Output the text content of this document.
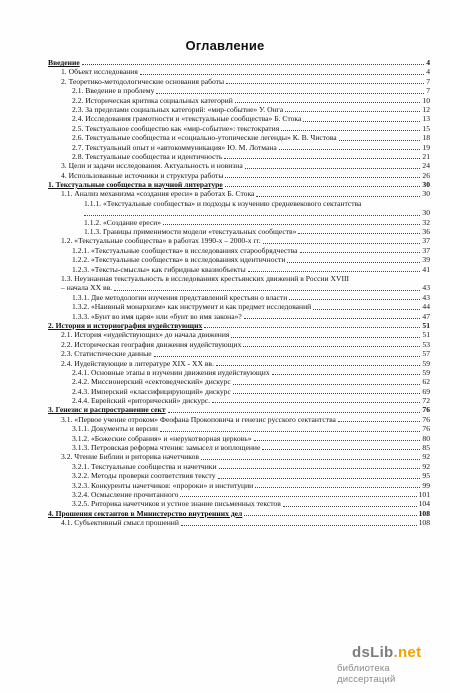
Оглавление
Введение	4
1. Объект исследования	4
2. Теоретико-методологические основания работы	7
2.1. Введение в проблему	7
2.2. Историческая критика социальных категорий	10
2.3. За пределами социальных категорий: «мир-событие» У. Онга	12
2.4. Исследования грамотности и «текстуальные сообщества» Б. Стока	13
2.5. Текстуальное сообщество как «мир-событие»: текстократия	15
2.6. Текстуальные сообщества и «социально-утопические легенды» К. В. Чистова	18
2.7. Текстуальный опыт и «автокоммуникация» Ю. М. Лотмана	19
2.8. Текстуальные сообщества и идентичность	21
3. Цели и задачи исследования. Актуальность и новизна	24
4. Использованные источники и структура работы	26
1. Текстуальные сообщества в научной литературе	30
1.1. Анализ механизма «создания ереси» в работах Б. Стока	30
1.1.1. «Текстуальные сообщества» и подходы к изучению средневекового сектантства
30
1.1.2. «Создание ереси»	32
1.1.3. Границы применимости модели «текстуальных сообществ»	36
1.2. «Текстуальные сообщества» в работах 1990-х – 2000-х гг.	37
1.2.1. «Текстуальные сообщества» в исследованиях старообрядчества	37
1.2.2. «Текстуальные сообщества» в исследованиях идентичности	39
1.2.3. «Тексты-смыслы» как гибридные квазиобъекты	41
1.3. Неузнанная текстуальность в исследованиях крестьянских движений в России XVIII
– начала XX вв.	43
1.3.1. Две методологии изучения представлений крестьян о власти	43
1.3.2. «Наивный монархизм» как инструмент и как предмет исследований	44
1.3.3. «Бунт во имя царя» или «бунт во имя закона»?	47
2. История и историография иудействующих	51
2.1. История «иудействующих» до начала движения	51
2.2. Историческая география движения иудействующих	53
2.3. Статистические данные	57
2.4. Иудействующие в литературе XIX - XX вв.	59
2.4.1. Основные этапы в изучении движения иудействующих	59
2.4.2. Миссионерский «сектоведческий» дискурс	62
2.4.3. Имперский «классифицирующий» дискурс	69
2.4.4. Еврейский «риторический» дискурс.	72
3. Генезис и распространение сект	76
3.1. «Первое учение отроком» Феофана Прокоповича и генезис русского сектантства	76
3.1.1. Документы и версии	76
3.1.2. «Божеские собрания» и «нерукотворная церковь»	80
3.1.3. Петровская реформа чтения: замысел и воплощение	85
3.2. Чтение Библии и риторика начетчиков	92
3.2.1. Текстуальные сообщества и начетчики	92
3.2.2. Методы проверки соответствия тексту	95
3.2.3. Конкуренты начетчиков: «пророки» и институции	99
3.2.4. Осмысление прочитанного	101
3.2.5. Риторика начетчиков и устное знание письменных текстов	104
4. Прошения сектантов в Министерство внутренних дел	108
4.1. Субъективный смысл прошений	108
dsLib.net
библиотека диссертаций
